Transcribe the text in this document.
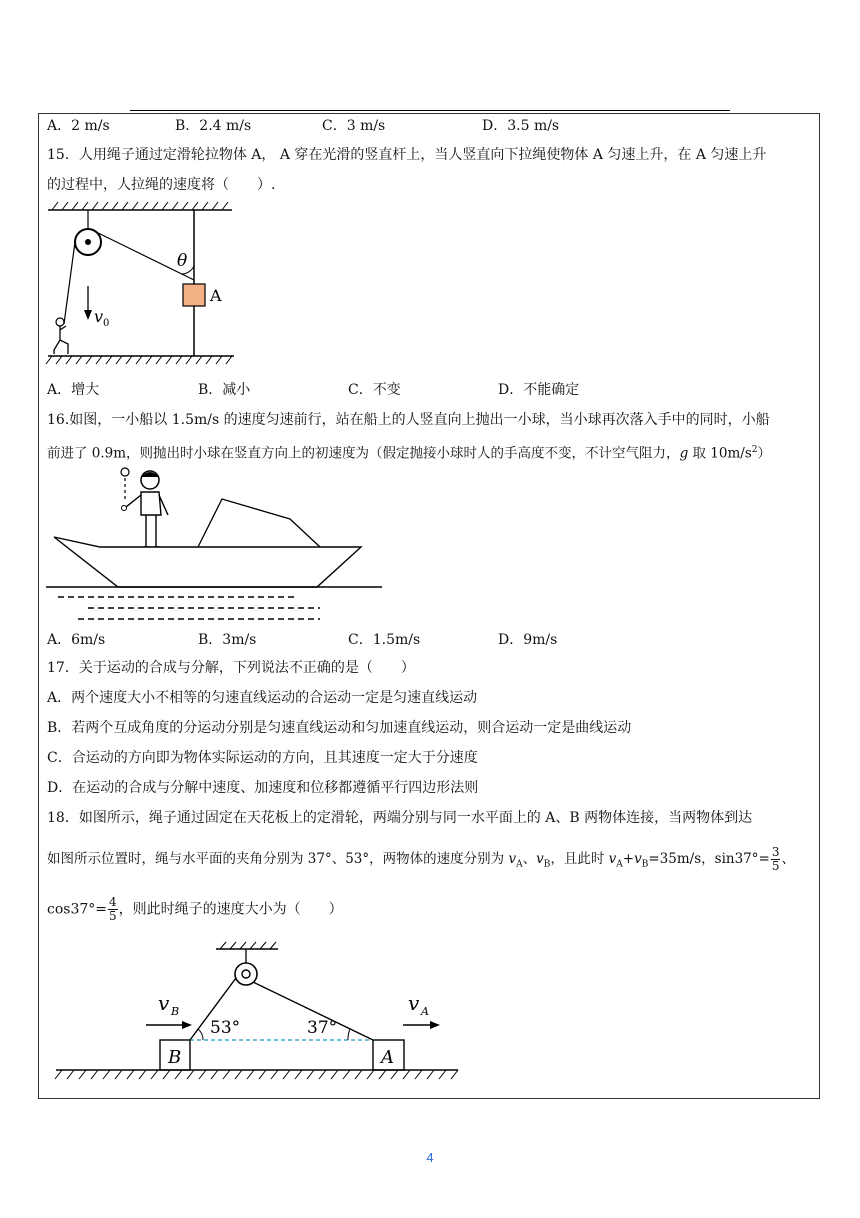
A．2 m/s	B．2.4 m/s	C．3 m/s	D．3.5 m/s
15．人用绳子通过定滑轮拉物体 A， A 穿在光滑的竖直杆上，当人竖直向下拉绳使物体 A 匀速上升，在 A 匀速上升
的过程中，人拉绳的速度将（　　）.
θ
A
v 0
A．增大	B．减小	C．不变	D．不能确定
16.如图，一小船以 1.5m/s 的速度匀速前行，站在船上的人竖直向上抛出一小球，当小球再次落入手中的同时，小船
前进了 0.9m，则抛出时小球在竖直方向上的初速度为（假定抛接小球时人的手高度不变，不计空气阻力，g 取 $10m/s^2$）
A．6m/s	B．3m/s	C．1.5m/s	D．9m/s
17．关于运动的合成与分解，下列说法不正确的是（　　）
A．两个速度大小不相等的匀速直线运动的合运动一定是匀速直线运动
B．若两个互成角度的分运动分别是匀速直线运动和匀加速直线运动，则合运动一定是曲线运动
C．合运动的方向即为物体实际运动的方向，且其速度一定大于分速度
D．在运动的合成与分解中速度、加速度和位移都遵循平行四边形法则
18．如图所示，绳子通过固定在天花板上的定滑轮，两端分别与同一水平面上的 A、B 两物体连接，当两物体到达
如图所示位置时，绳与水平面的夹角分别为 37°、53°，两物体的速度分别为 $v_A$、$v_B$，且此时 $v_A+v_B=35m/s$，$\sin 37^\circ= \frac{3}{5}$ 、
$\cos 37^\circ= \frac{4}{5}$ ，则此时绳子的速度大小为（　　）
53°	37°
B	A
v B	v A
4
